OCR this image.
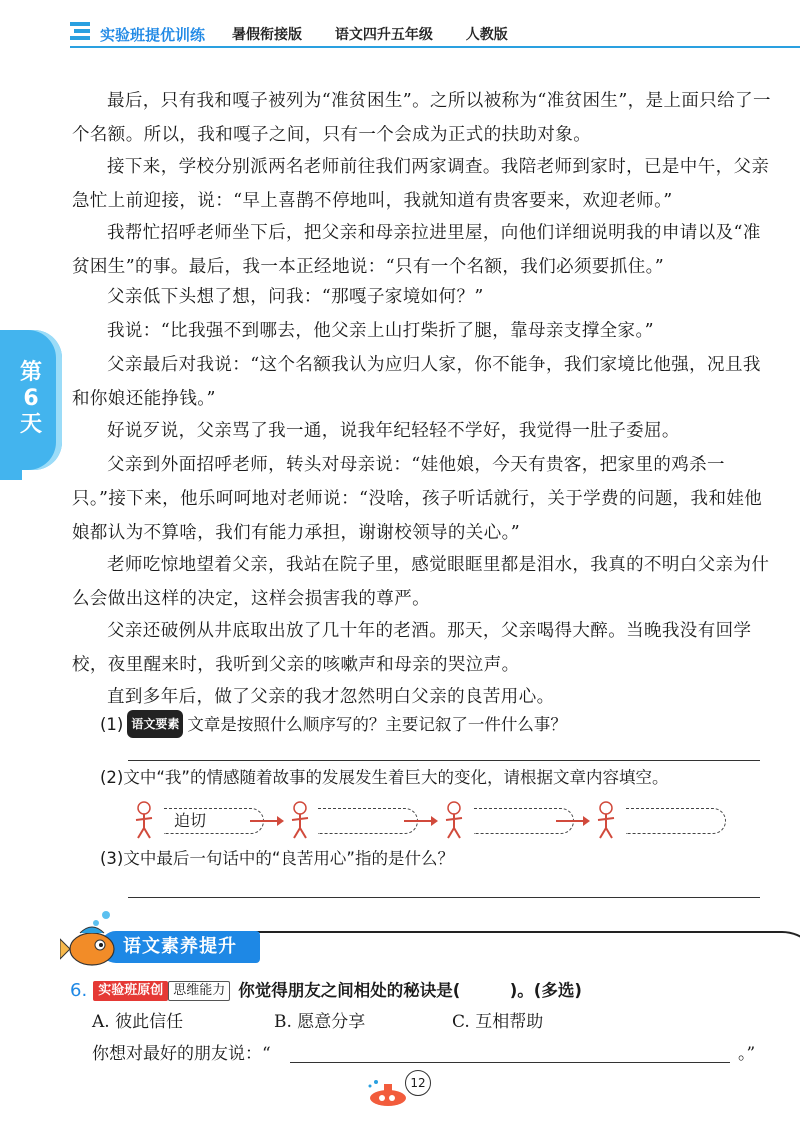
实验班提优训练 暑假衔接版 语文四升五年级 人教版
第6天

最后，只有我和嘎子被列为“准贫困生”。之所以被称为“准贫困生”，是上面只给了一个名额。所以，我和嘎子之间，只有一个会成为正式的扶助对象。

接下来，学校分别派两名老师前往我们两家调查。我陪老师到家时，已是中午，父亲急忙上前迎接，说：“早上喜鹊不停地叫，我就知道有贵客要来，欢迎老师。”

我帮忙招呼老师坐下后，把父亲和母亲拉进里屋，向他们详细说明我的申请以及“准贫困生”的事。最后，我一本正经地说：“只有一个名额，我们必须要抓住。”

父亲低下头想了想，问我：“那嘎子家境如何？”

我说：“比我强不到哪去，他父亲上山打柴折了腿，靠母亲支撑全家。”

父亲最后对我说：“这个名额我认为应归人家，你不能争，我们家境比他强，况且我和你娘还能挣钱。”

好说歹说，父亲骂了我一通，说我年纪轻轻不学好，我觉得一肚子委屈。

父亲到外面招呼老师，转头对母亲说：“娃他娘，今天有贵客，把家里的鸡杀一只。”接下来，他乐呵呵地对老师说：“没啥，孩子听话就行，关于学费的问题，我和娃他娘都认为不算啥，我们有能力承担，谢谢校领导的关心。”

老师吃惊地望着父亲，我站在院子里，感觉眼眶里都是泪水，我真的不明白父亲为什么会做出这样的决定，这样会损害我的尊严。

父亲还破例从井底取出放了几十年的老酒。那天，父亲喝得大醉。当晚我没有回学校，夜里醒来时，我听到父亲的咳嗽声和母亲的哭泣声。

直到多年后，做了父亲的我才忽然明白父亲的良苦用心。

(1) 语文要素 文章是按照什么顺序写的？主要记叙了一件什么事？
(2)文中“我”的情感随着故事的发展发生着巨大的变化，请根据文章内容填空。
迫切
(3)文中最后一句话中的“良苦用心”指的是什么？
语文素养提升
6. 实验班原创 思维能力 你觉得朋友之间相处的秘诀是(　　　)。(多选)
A. 彼此信任	B. 愿意分享	C. 互相帮助
你想对最好的朋友说：“	。”
12
